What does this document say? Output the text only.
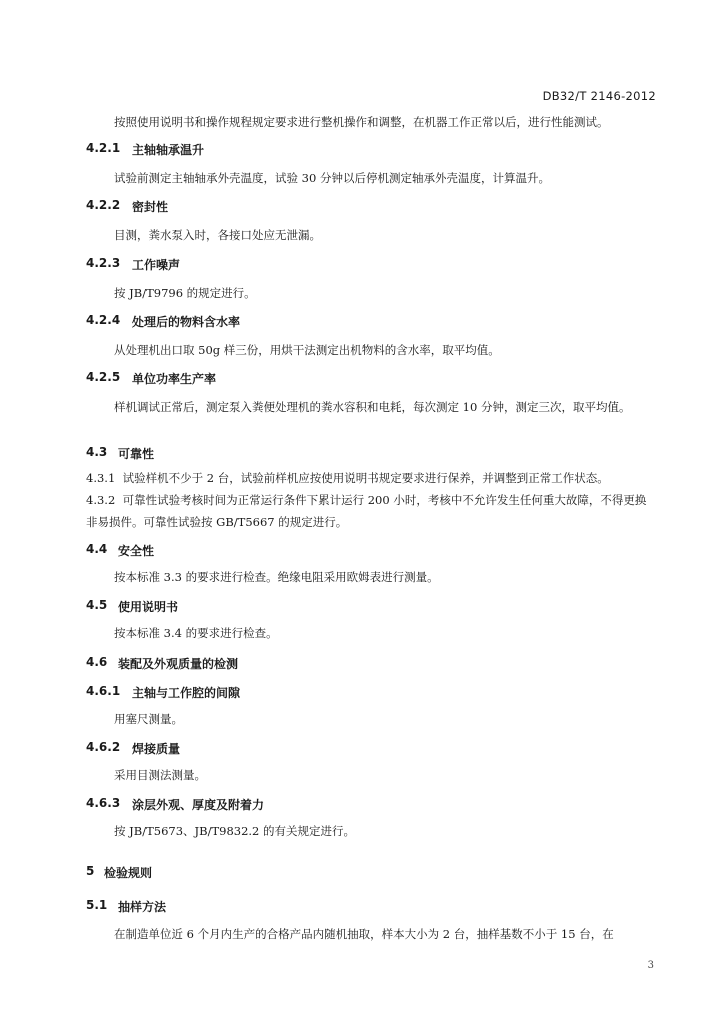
DB32/T 2146-2012
按照使用说明书和操作规程规定要求进行整机操作和调整，在机器工作正常以后，进行性能测试。
4.2.1 主轴轴承温升
试验前测定主轴轴承外壳温度，试验 30 分钟以后停机测定轴承外壳温度，计算温升。
4.2.2 密封性
目测，粪水泵入时，各接口处应无泄漏。
4.2.3 工作噪声
按 JB/T9796 的规定进行。
4.2.4 处理后的物料含水率
从处理机出口取 50g 样三份，用烘干法测定出机物料的含水率，取平均值。
4.2.5 单位功率生产率
样机调试正常后，测定泵入粪便处理机的粪水容积和电耗，每次测定 10 分钟，测定三次，取平均值。
4.3 可靠性
4.3.1 试验样机不少于 2 台，试验前样机应按使用说明书规定要求进行保养，并调整到正常工作状态。
4.3.2 可靠性试验考核时间为正常运行条件下累计运行 200 小时，考核中不允许发生任何重大故障，不得更换非易损件。可靠性试验按 GB/T5667 的规定进行。
4.4 安全性
按本标准 3.3 的要求进行检查。绝缘电阻采用欧姆表进行测量。
4.5 使用说明书
按本标准 3.4 的要求进行检查。
4.6 装配及外观质量的检测
4.6.1 主轴与工作腔的间隙
用塞尺测量。
4.6.2 焊接质量
采用目测法测量。
4.6.3 涂层外观、厚度及附着力
按 JB/T5673、JB/T9832.2 的有关规定进行。
5 检验规则
5.1 抽样方法
在制造单位近 6 个月内生产的合格产品内随机抽取，样本大小为 2 台，抽样基数不小于 15 台，在
3
